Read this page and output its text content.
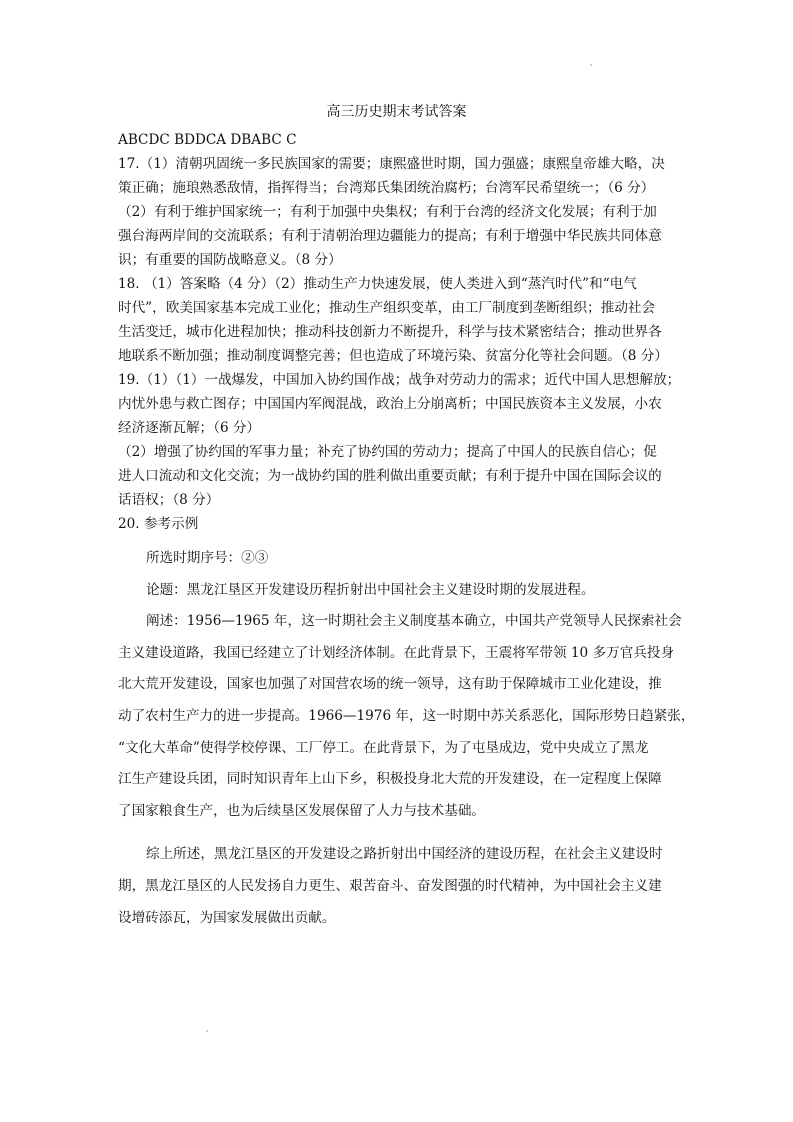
高三历史期末考试答案
ABCDC BDDCA DBABC C
17.（1）清朝巩固统一多民族国家的需要；康熙盛世时期，国力强盛；康熙皇帝雄大略，决
策正确；施琅熟悉敌情，指挥得当；台湾郑氏集团统治腐朽；台湾军民希望统一；（6 分）
（2）有利于维护国家统一；有利于加强中央集权；有利于台湾的经济文化发展；有利于加
强台海两岸间的交流联系；有利于清朝治理边疆能力的提高；有利于增强中华民族共同体意
识；有重要的国防战略意义。（8 分）
18. （1）答案略（4 分）（2）推动生产力快速发展，使人类进入到“蒸汽时代”和“电气
时代”，欧美国家基本完成工业化；推动生产组织变革，由工厂制度到垄断组织；推动社会
生活变迁，城市化进程加快；推动科技创新力不断提升，科学与技术紧密结合；推动世界各
地联系不断加强；推动制度调整完善；但也造成了环境污染、贫富分化等社会问题。（8 分）
19.（1）（1）一战爆发，中国加入协约国作战；战争对劳动力的需求；近代中国人思想解放；
内忧外患与救亡图存；中国国内军阀混战，政治上分崩离析；中国民族资本主义发展，小农
经济逐渐瓦解；（6 分）
（2）增强了协约国的军事力量；补充了协约国的劳动力；提高了中国人的民族自信心；促
进人口流动和文化交流；为一战协约国的胜利做出重要贡献；有利于提升中国在国际会议的
话语权；（8 分）
20. 参考示例
所选时期序号：②③
论题：黑龙江垦区开发建设历程折射出中国社会主义建设时期的发展进程。
阐述：1956—1965 年，这一时期社会主义制度基本确立，中国共产党领导人民探索社会
主义建设道路，我国已经建立了计划经济体制。在此背景下，王震将军带领 10 多万官兵投身
北大荒开发建设，国家也加强了对国营农场的统一领导，这有助于保障城市工业化建设，推
动了农村生产力的进一步提高。1966—1976 年，这一时期中苏关系恶化，国际形势日趋紧张，
“文化大革命”使得学校停课、工厂停工。在此背景下，为了屯垦成边，党中央成立了黑龙
江生产建设兵团，同时知识青年上山下乡，积极投身北大荒的开发建设，在一定程度上保障
了国家粮食生产，也为后续垦区发展保留了人力与技术基础。
综上所述，黑龙江垦区的开发建设之路折射出中国经济的建设历程，在社会主义建设时
期，黑龙江垦区的人民发扬自力更生、艰苦奋斗、奋发图强的时代精神，为中国社会主义建
设增砖添瓦，为国家发展做出贡献。
